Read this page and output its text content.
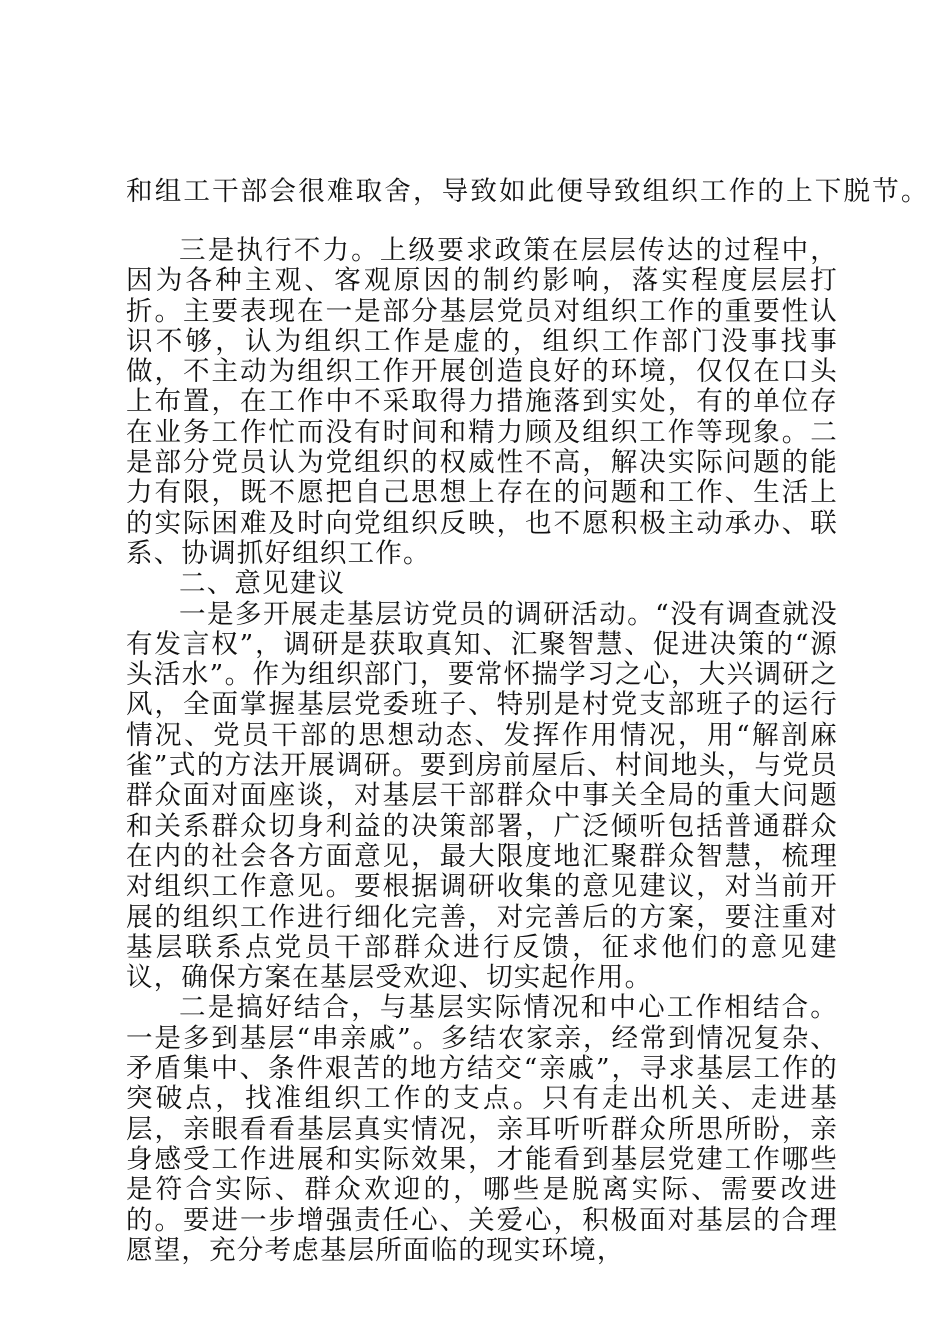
和组工干部会很难取舍，导致如此便导致组织工作的上下脱节。

三是执行不力。上级要求政策在层层传达的过程中，因为各种主观、客观原因的制约影响，落实程度层层打折。主要表现在一是部分基层党员对组织工作的重要性认识不够，认为组织工作是虚的，组织工作部门没事找事做，不主动为组织工作开展创造良好的环境，仅仅在口头上布置，在工作中不采取得力措施落到实处，有的单位存在业务工作忙而没有时间和精力顾及组织工作等现象。二是部分党员认为党组织的权威性不高，解决实际问题的能力有限，既不愿把自己思想上存在的问题和工作、生活上的实际困难及时向党组织反映，也不愿积极主动承办、联系、协调抓好组织工作。

二、意见建议

一是多开展走基层访党员的调研活动。“没有调查就没有发言权”，调研是获取真知、汇聚智慧、促进决策的“源头活水”。作为组织部门，要常怀揣学习之心，大兴调研之风，全面掌握基层党委班子、特别是村党支部班子的运行情况、党员干部的思想动态、发挥作用情况，用“解剖麻雀”式的方法开展调研。要到房前屋后、村间地头，与党员群众面对面座谈，对基层干部群众中事关全局的重大问题和关系群众切身利益的决策部署，广泛倾听包括普通群众在内的社会各方面意见，最大限度地汇聚群众智慧，梳理对组织工作意见。要根据调研收集的意见建议，对当前开展的组织工作进行细化完善，对完善后的方案，要注重对基层联系点党员干部群众进行反馈，征求他们的意见建议，确保方案在基层受欢迎、切实起作用。

二是搞好结合，与基层实际情况和中心工作相结合。一是多到基层“串亲戚”。多结农家亲，经常到情况复杂、矛盾集中、条件艰苦的地方结交“亲戚”，寻求基层工作的突破点，找准组织工作的支点。只有走出机关、走进基层，亲眼看看基层真实情况，亲耳听听群众所思所盼，亲身感受工作进展和实际效果，才能看到基层党建工作哪些是符合实际、群众欢迎的，哪些是脱离实际、需要改进的。要进一步增强责任心、关爱心，积极面对基层的合理愿望，充分考虑基层所面临的现实环境，
